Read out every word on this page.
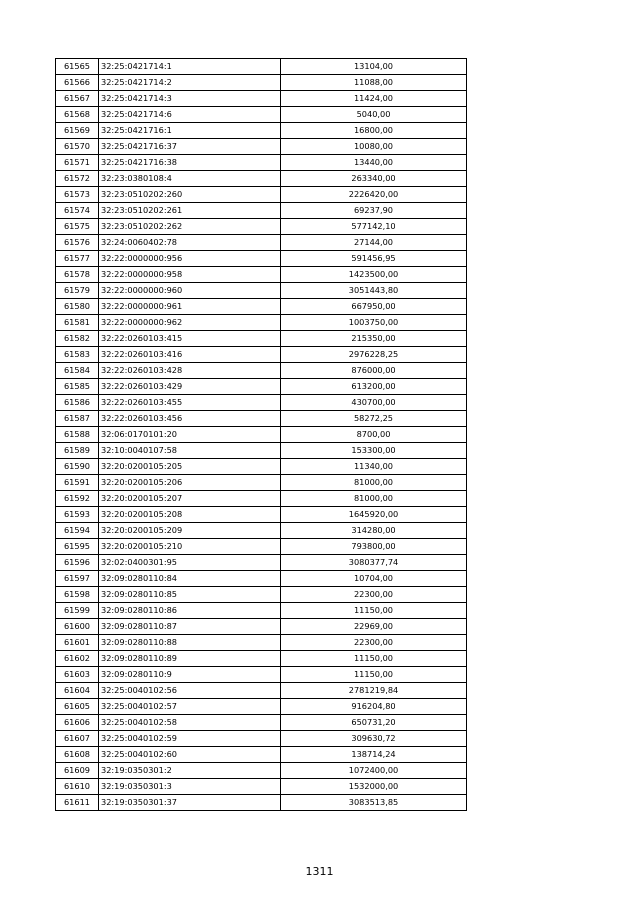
61565	32:25:0421714:1	13104,00
61566	32:25:0421714:2	11088,00
61567	32:25:0421714:3	11424,00
61568	32:25:0421714:6	5040,00
61569	32:25:0421716:1	16800,00
61570	32:25:0421716:37	10080,00
61571	32:25:0421716:38	13440,00
61572	32:23:0380108:4	263340,00
61573	32:23:0510202:260	2226420,00
61574	32:23:0510202:261	69237,90
61575	32:23:0510202:262	577142,10
61576	32:24:0060402:78	27144,00
61577	32:22:0000000:956	591456,95
61578	32:22:0000000:958	1423500,00
61579	32:22:0000000:960	3051443,80
61580	32:22:0000000:961	667950,00
61581	32:22:0000000:962	1003750,00
61582	32:22:0260103:415	215350,00
61583	32:22:0260103:416	2976228,25
61584	32:22:0260103:428	876000,00
61585	32:22:0260103:429	613200,00
61586	32:22:0260103:455	430700,00
61587	32:22:0260103:456	58272,25
61588	32:06:0170101:20	8700,00
61589	32:10:0040107:58	153300,00
61590	32:20:0200105:205	11340,00
61591	32:20:0200105:206	81000,00
61592	32:20:0200105:207	81000,00
61593	32:20:0200105:208	1645920,00
61594	32:20:0200105:209	314280,00
61595	32:20:0200105:210	793800,00
61596	32:02:0400301:95	3080377,74
61597	32:09:0280110:84	10704,00
61598	32:09:0280110:85	22300,00
61599	32:09:0280110:86	11150,00
61600	32:09:0280110:87	22969,00
61601	32:09:0280110:88	22300,00
61602	32:09:0280110:89	11150,00
61603	32:09:0280110:9	11150,00
61604	32:25:0040102:56	2781219,84
61605	32:25:0040102:57	916204,80
61606	32:25:0040102:58	650731,20
61607	32:25:0040102:59	309630,72
61608	32:25:0040102:60	138714,24
61609	32:19:0350301:2	1072400,00
61610	32:19:0350301:3	1532000,00
61611	32:19:0350301:37	3083513,85
1311
